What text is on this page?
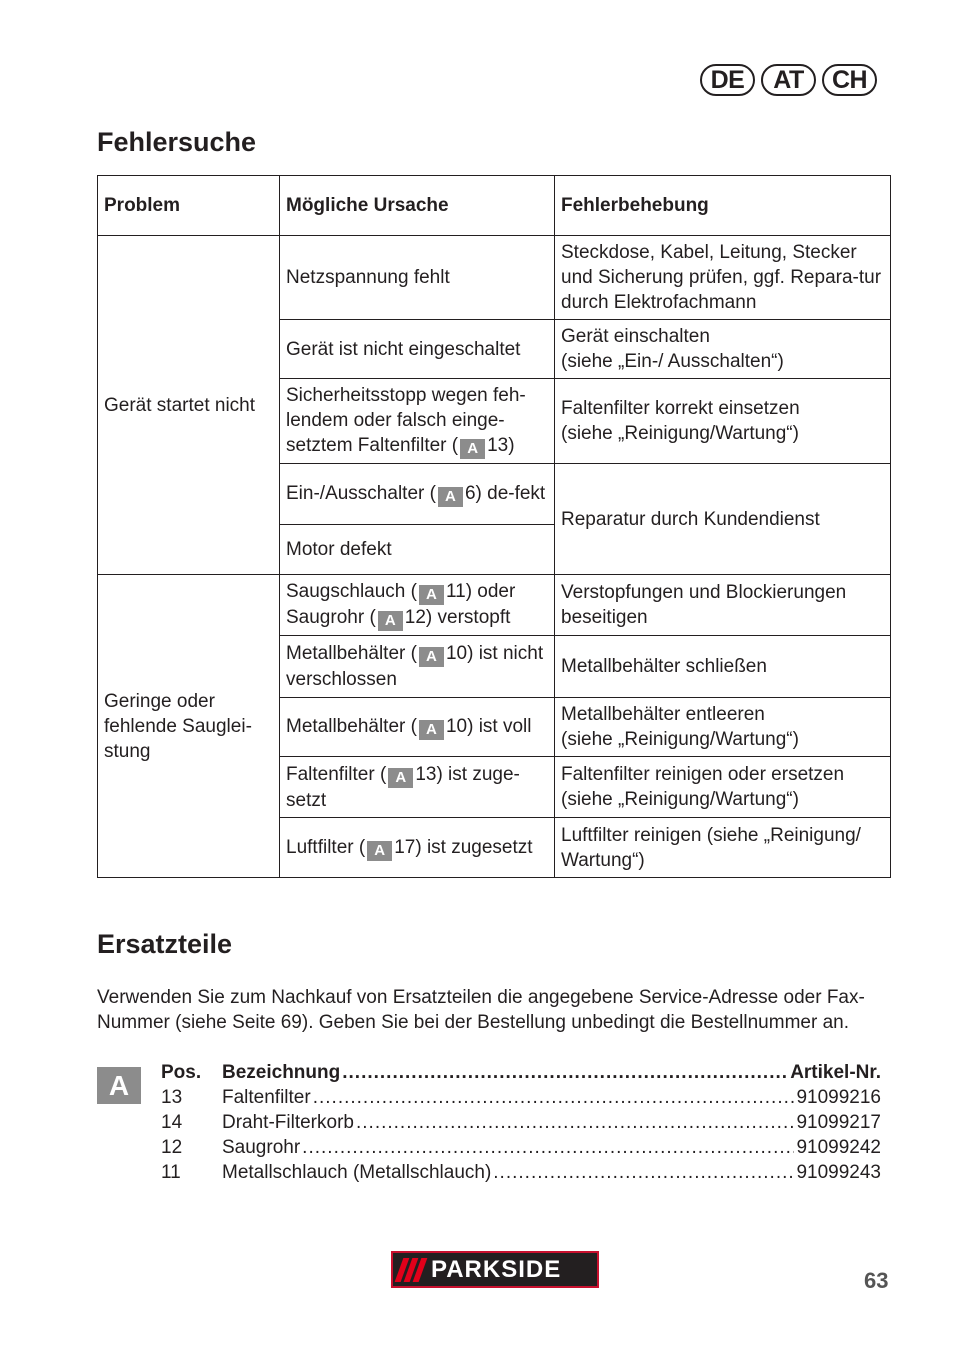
DE	AT	CH
Fehlersuche
Problem	Mögliche Ursache	Fehlerbehebung
Gerät startet nicht	Netzspannung fehlt	Steckdose, Kabel, Leitung, Stecker und Sicherung prüfen, ggf. Repara-tur durch Elektrofachmann
	Gerät ist nicht eingeschaltet	Gerät einschalten
(siehe „Ein-/ Ausschalten“)
	Sicherheitsstopp wegen feh-lendem oder falsch einge-setztem Faltenfilter ( A 13)	Faltenfilter korrekt einsetzen
(siehe „Reinigung/Wartung“)
	Ein-/Ausschalter ( A 6) de-fekt	Reparatur durch Kundendienst
	Motor defekt	
Geringe oder fehlende Sauglei-stung	Saugschlauch ( A 11) oder Saugrohr ( A 12) verstopft	Verstopfungen und Blockierungen beseitigen
	Metallbehälter ( A 10) ist nicht verschlossen	Metallbehälter schließen
	Metallbehälter ( A 10) ist voll	Metallbehälter entleeren
(siehe „Reinigung/Wartung“)
	Faltenfilter ( A 13) ist zuge-setzt	Faltenfilter reinigen oder ersetzen
(siehe „Reinigung/Wartung“)
	Luftfilter ( A 17) ist zugesetzt	Luftfilter reinigen (siehe „Reinigung/ Wartung“)
Ersatzteile

Verwenden Sie zum Nachkauf von Ersatzteilen die angegebene Service-Adresse oder Fax-Nummer (siehe Seite 69). Geben Sie bei der Bestellung unbedingt die Bestellnummer an.

A	Pos.	Bezeichnung .....	Artikel-Nr.
13	Faltenfilter .....	91099216
14	Draht-Filterkorb .....	91099217
12	Saugrohr .....	91099242
11	Metallschlauch (Metallschlauch) .....	91099243
PARKSIDE	63
